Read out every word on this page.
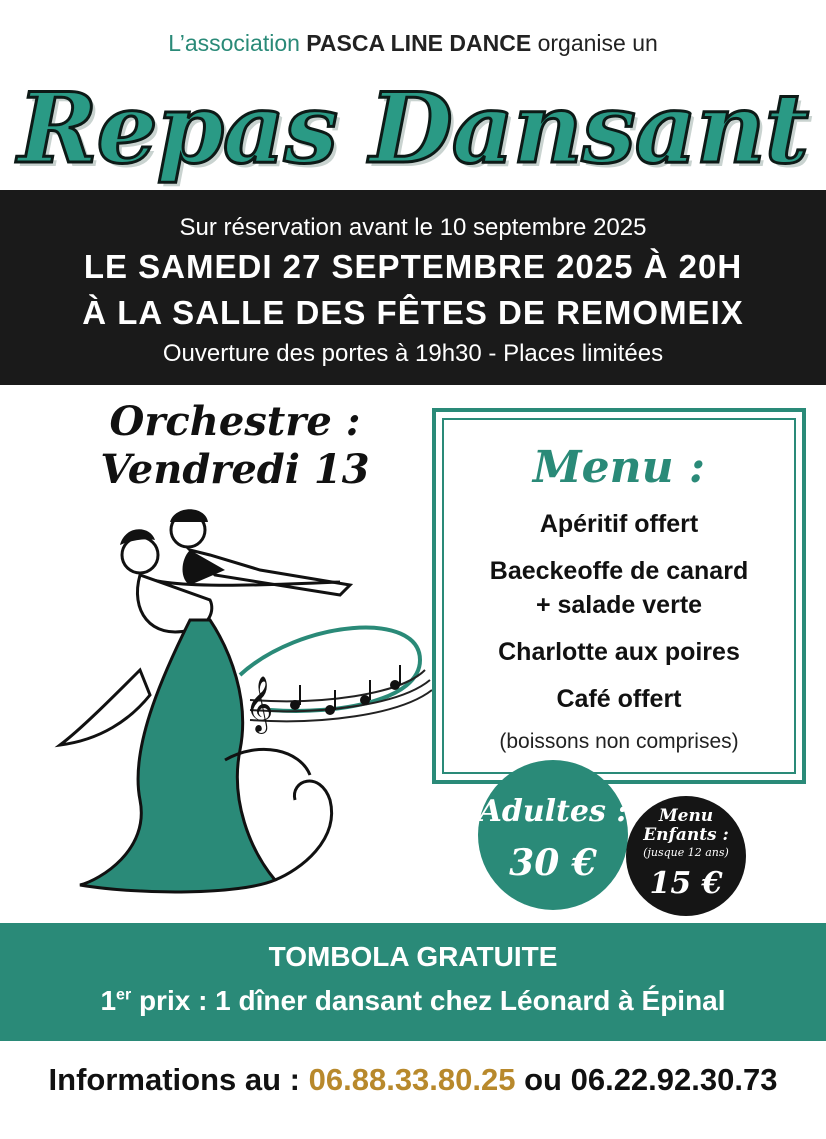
L’association PASCA LINE DANCE organise un
Repas Dansant
Sur réservation avant le 10 septembre 2025
LE SAMEDI 27 SEPTEMBRE 2025 À 20H
À LA SALLE DES FÊTES DE REMOMEIX
Ouverture des portes à 19h30 - Places limitées
Orchestre :
Vendredi 13
𝄞
Menu :
Apéritif offert
Baeckeoffe de canard
+ salade verte
Charlotte aux poires
Café offert
(boissons non comprises)
Adultes :
30 €
Menu
Enfants :
(jusque 12 ans)
15 €
TOMBOLA GRATUITE
1er prix : 1 dîner dansant chez Léonard à Épinal
Informations au : 06.88.33.80.25 ou 06.22.92.30.73
